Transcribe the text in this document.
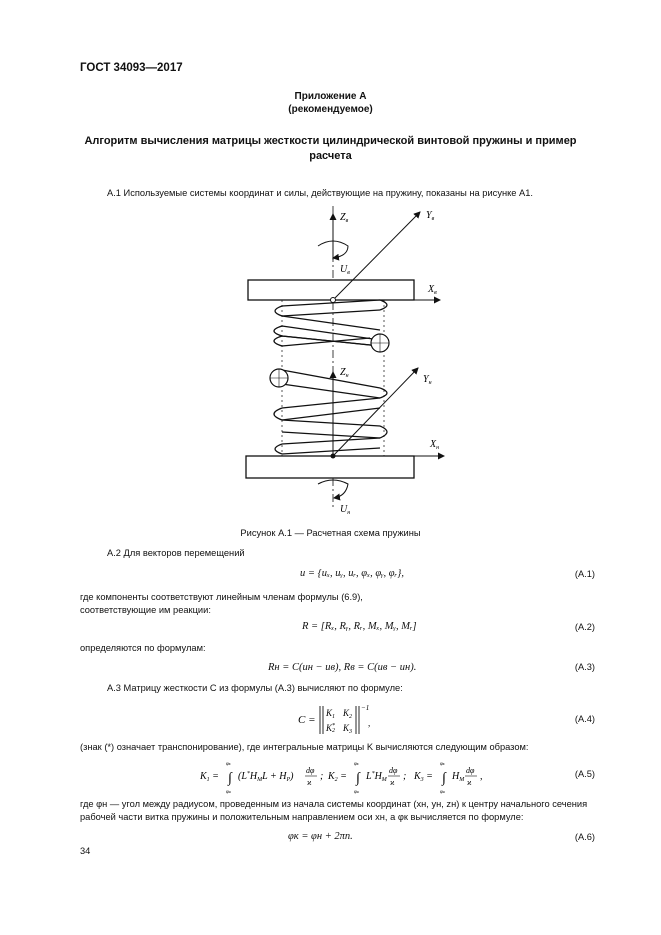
ГОСТ 34093—2017
Приложение А
(рекомендуемое)
Алгоритм вычисления матрицы жесткости цилиндрической винтовой пружины и пример расчета
А.1 Используемые системы координат и силы, действующие на пружину, показаны на рисунке А1.
$Z_в$	$Y_в$
$X_в$
$U_в$
$Z_н$	$Y_н$
$X_н$
$U_н$
Рисунок А.1 — Расчетная схема пружины
А.2 Для векторов перемещений
u = {uₓ, uᵧ, uᵣ, φₓ, φᵧ, φᵣ},	(А.1)
где компоненты соответствуют линейным членам формулы (6.9), соответствующие им реакции:
R = [Rₓ, Rᵧ, Rᵣ, Mₓ, Mᵧ, Mᵣ]	(А.2)
определяются по формулам:
Rн = C(uн − uв), Rв = C(uв − uн).	(А.3)
А.3 Матрицу жесткости С из формулы (А.3) вычисляют по формуле:
C =
$K_1$ $K_2$
K* 2 $K_3$
−1
,	(А.4)
(знак (*) означает транспонирование), где интегральные матрицы K вычисляются следующим образом:
$K_1$ = ∫
φк
φн
$(L^*H_ML + H_P)$
dφ
ϰ
; $K_2$ = ∫
φк
φн
$L^*H_M$
dφ
ϰ
; $K_3$ = ∫
φк
φн
$H_M$
dφ
ϰ
,	(А.5)
где φн — угол между радиусом, проведенным из начала системы координат (xн, yн, zн) к центру начального сечения рабочей части витка пружины и положительным направлением оси xн, а φк вычисляется по формуле:
φк = φн + 2πn.	(А.6)
34
